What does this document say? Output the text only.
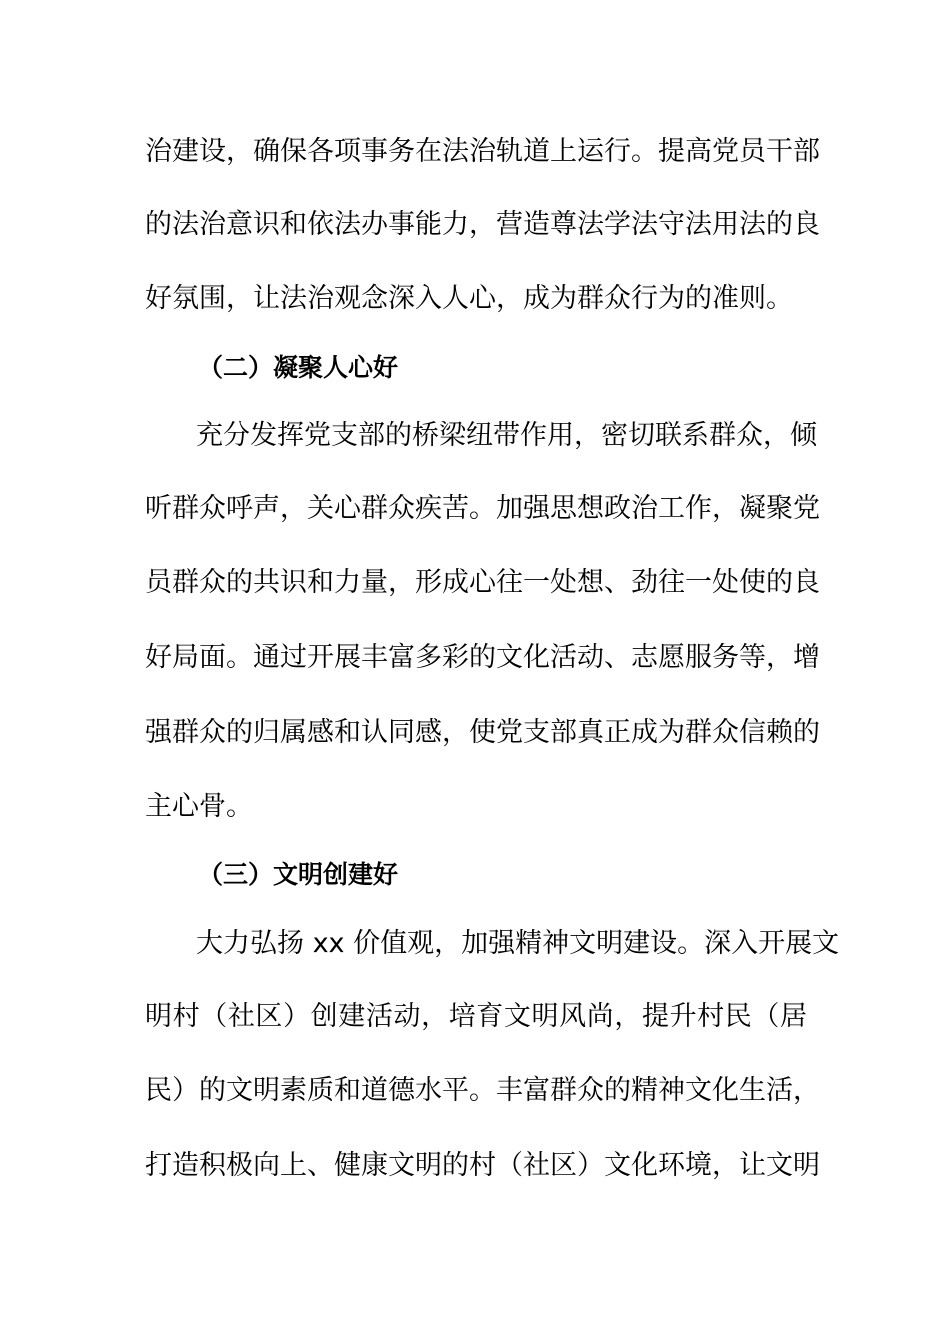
治建设，确保各项事务在法治轨道上运行。提高党员干部
的法治意识和依法办事能力，营造尊法学法守法用法的良
好氛围，让法治观念深入人心，成为群众行为的准则。
（二）凝聚人心好
充分发挥党支部的桥梁纽带作用，密切联系群众，倾
听群众呼声，关心群众疾苦。加强思想政治工作，凝聚党
员群众的共识和力量，形成心往一处想、劲往一处使的良
好局面。通过开展丰富多彩的文化活动、志愿服务等，增
强群众的归属感和认同感，使党支部真正成为群众信赖的
主心骨。
（三）文明创建好
大力弘扬 xx 价值观，加强精神文明建设。深入开展文
明村（社区）创建活动，培育文明风尚，提升村民（居
民）的文明素质和道德水平。丰富群众的精神文化生活，
打造积极向上、健康文明的村（社区）文化环境，让文明
